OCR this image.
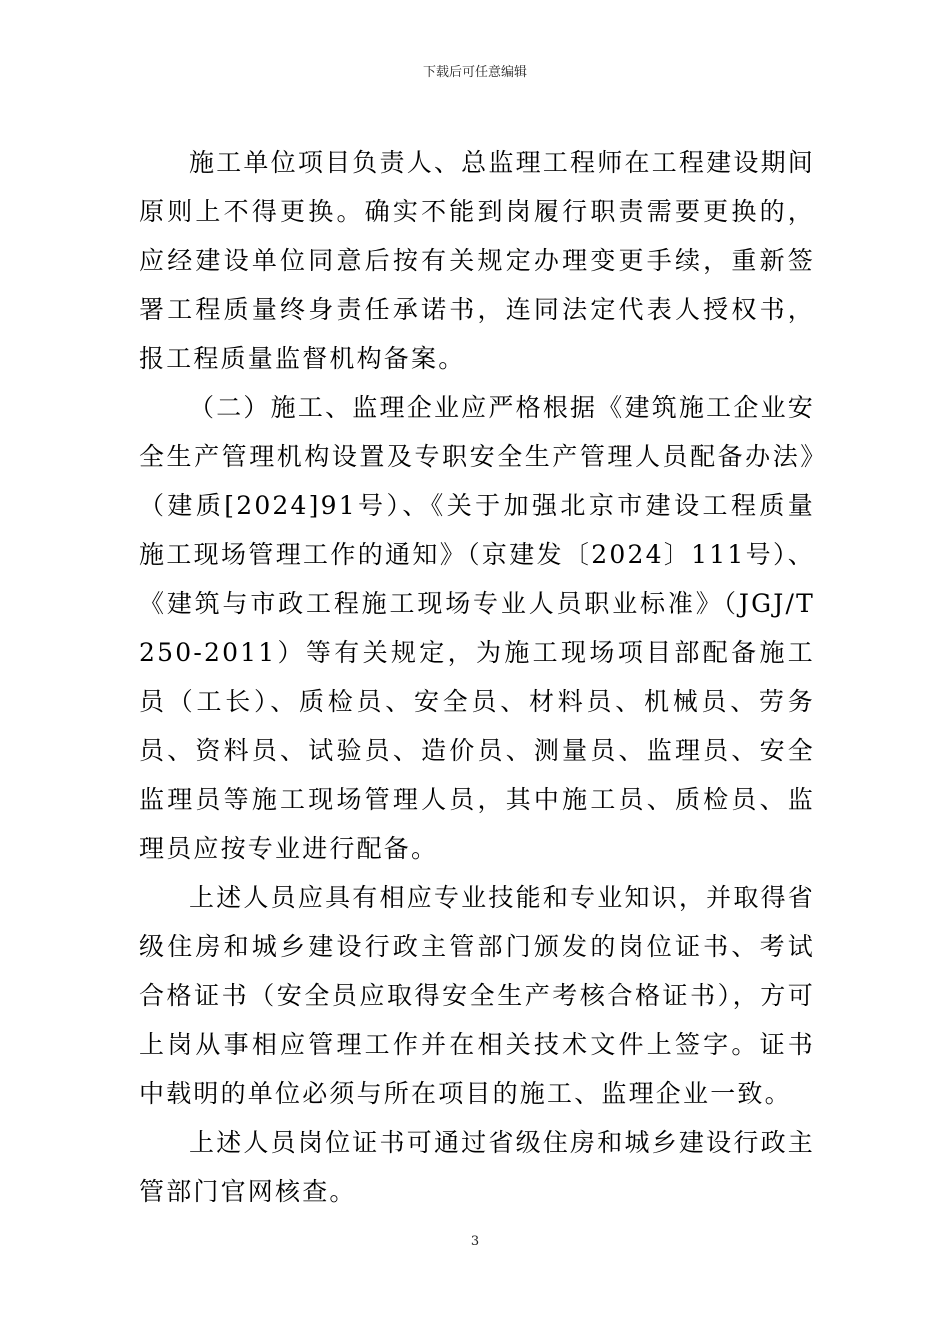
下载后可任意编辑

施工单位项目负责人、总监理工程师在工程建设期间原则上不得更换。确实不能到岗履行职责需要更换的，应经建设单位同意后按有关规定办理变更手续，重新签署工程质量终身责任承诺书，连同法定代表人授权书，报工程质量监督机构备案。

（二）施工、监理企业应严格根据《建筑施工企业安全生产管理机构设置及专职安全生产管理人员配备办法》（建质[2024]91号）、《关于加强北京市建设工程质量施工现场管理工作的通知》（京建发〔2024〕111号）、《建筑与市政工程施工现场专业人员职业标准》（JGJ/T250-2011）等有关规定，为施工现场项目部配备施工员（工长）、质检员、安全员、材料员、机械员、劳务员、资料员、试验员、造价员、测量员、监理员、安全监理员等施工现场管理人员，其中施工员、质检员、监理员应按专业进行配备。

上述人员应具有相应专业技能和专业知识，并取得省级住房和城乡建设行政主管部门颁发的岗位证书、考试合格证书（安全员应取得安全生产考核合格证书），方可上岗从事相应管理工作并在相关技术文件上签字。证书中载明的单位必须与所在项目的施工、监理企业一致。

上述人员岗位证书可通过省级住房和城乡建设行政主管部门官网核查。

3
